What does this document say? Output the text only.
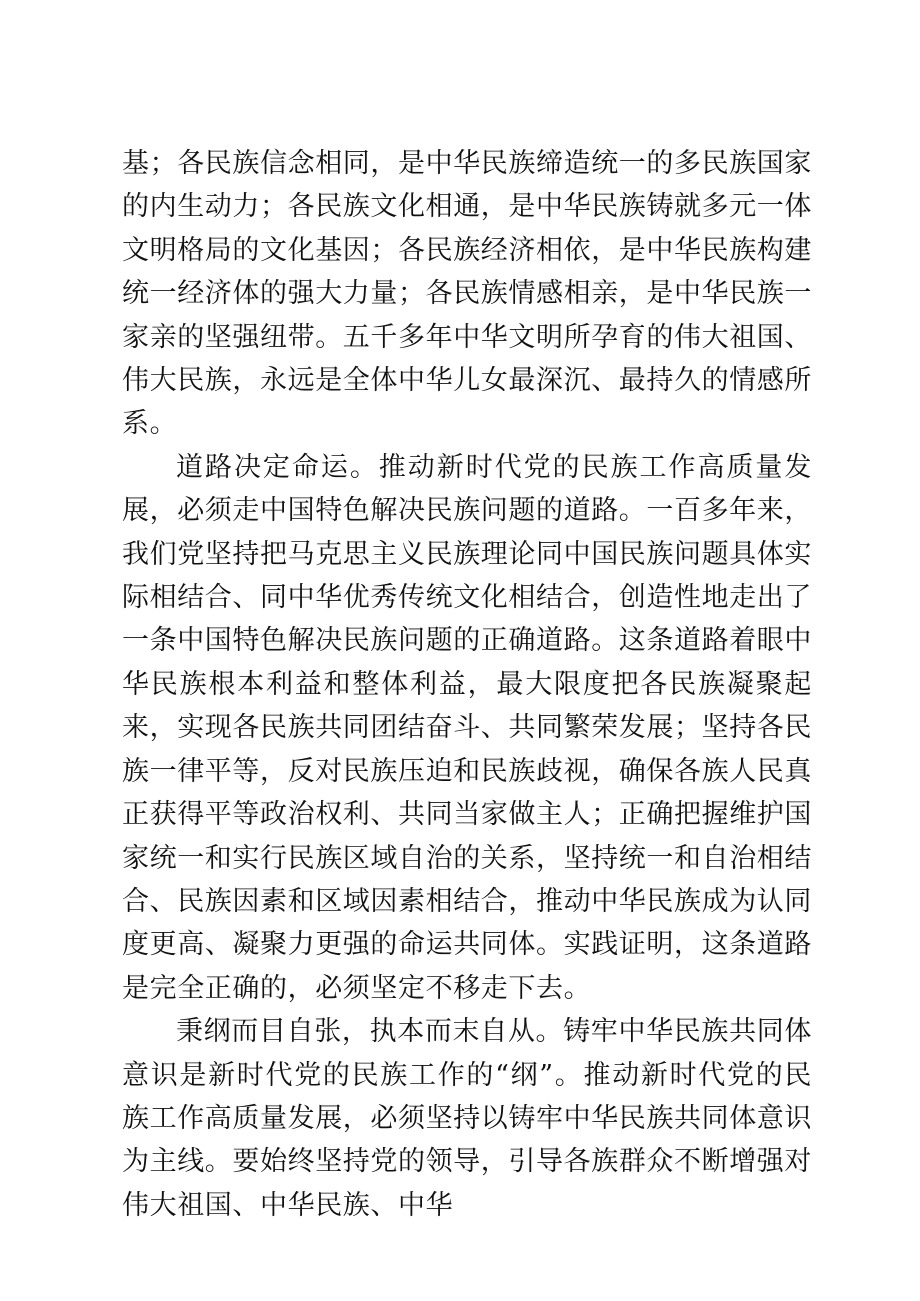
基；各民族信念相同，是中华民族缔造统一的多民族国家的内生动力；各民族文化相通，是中华民族铸就多元一体文明格局的文化基因；各民族经济相依，是中华民族构建统一经济体的强大力量；各民族情感相亲，是中华民族一家亲的坚强纽带。五千多年中华文明所孕育的伟大祖国、伟大民族，永远是全体中华儿女最深沉、最持久的情感所系。

道路决定命运。推动新时代党的民族工作高质量发展，必须走中国特色解决民族问题的道路。一百多年来，我们党坚持把马克思主义民族理论同中国民族问题具体实际相结合、同中华优秀传统文化相结合，创造性地走出了一条中国特色解决民族问题的正确道路。这条道路着眼中华民族根本利益和整体利益，最大限度把各民族凝聚起来，实现各民族共同团结奋斗、共同繁荣发展；坚持各民族一律平等，反对民族压迫和民族歧视，确保各族人民真正获得平等政治权利、共同当家做主人；正确把握维护国家统一和实行民族区域自治的关系，坚持统一和自治相结合、民族因素和区域因素相结合，推动中华民族成为认同度更高、凝聚力更强的命运共同体。实践证明，这条道路是完全正确的，必须坚定不移走下去。

秉纲而目自张，执本而末自从。铸牢中华民族共同体意识是新时代党的民族工作的“纲”。推动新时代党的民族工作高质量发展，必须坚持以铸牢中华民族共同体意识为主线。要始终坚持党的领导，引导各族群众不断增强对伟大祖国、中华民族、中华
